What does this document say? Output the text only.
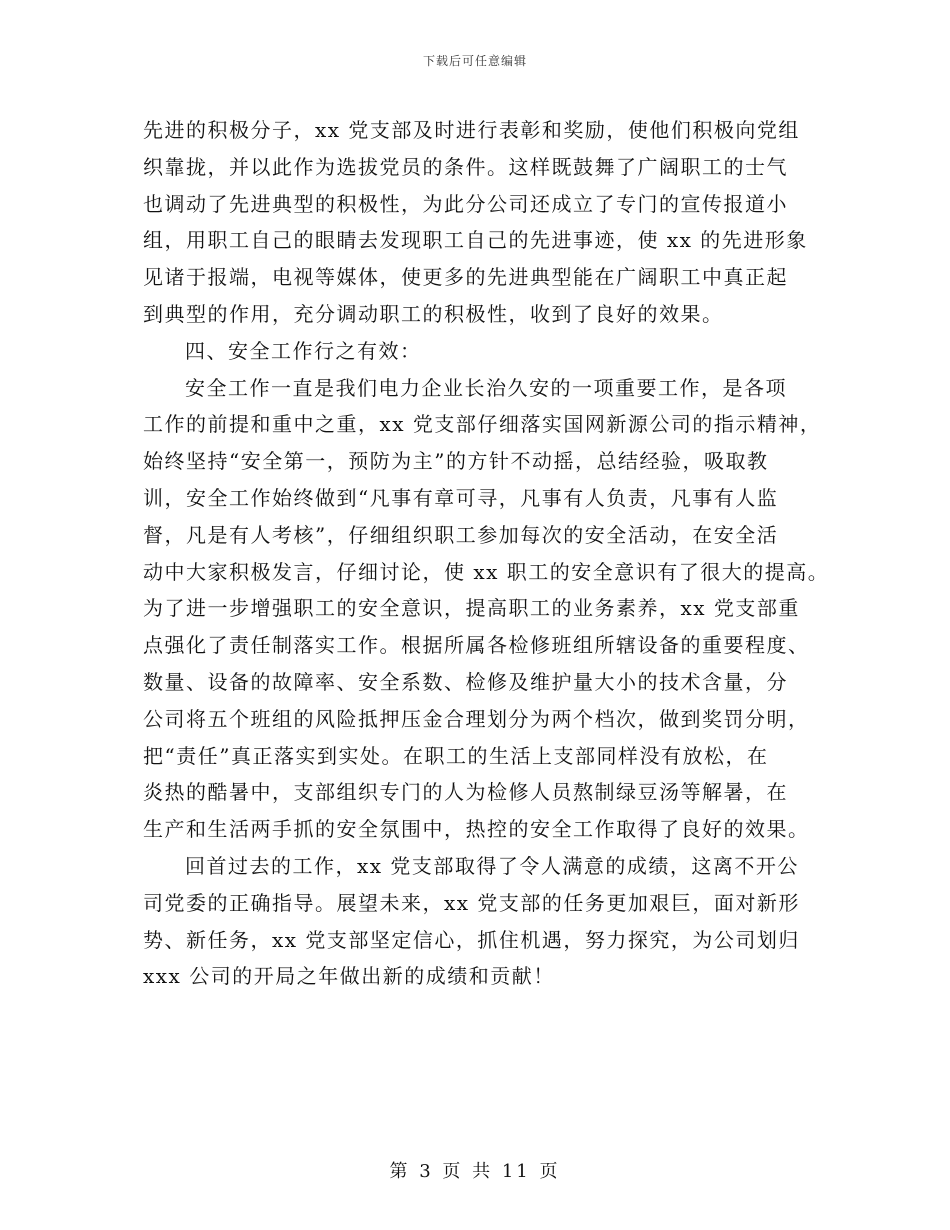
下载后可任意编辑
先进的积极分子，xx 党支部及时进行表彰和奖励，使他们积极向党组
织靠拢，并以此作为选拔党员的条件。这样既鼓舞了广阔职工的士气
也调动了先进典型的积极性，为此分公司还成立了专门的宣传报道小
组，用职工自己的眼睛去发现职工自己的先进事迹，使 xx 的先进形象
见诸于报端，电视等媒体，使更多的先进典型能在广阔职工中真正起
到典型的作用，充分调动职工的积极性，收到了良好的效果。
四、安全工作行之有效：
安全工作一直是我们电力企业长治久安的一项重要工作，是各项
工作的前提和重中之重，xx 党支部仔细落实国网新源公司的指示精神，
始终坚持“安全第一，预防为主”的方针不动摇，总结经验，吸取教
训，安全工作始终做到“凡事有章可寻，凡事有人负责，凡事有人监
督，凡是有人考核”，仔细组织职工参加每次的安全活动，在安全活
动中大家积极发言，仔细讨论，使 xx 职工的安全意识有了很大的提高。
为了进一步增强职工的安全意识，提高职工的业务素养，xx 党支部重
点强化了责任制落实工作。根据所属各检修班组所辖设备的重要程度、
数量、设备的故障率、安全系数、检修及维护量大小的技术含量，分
公司将五个班组的风险抵押压金合理划分为两个档次，做到奖罚分明，
把“责任”真正落实到实处。在职工的生活上支部同样没有放松，在
炎热的酷暑中，支部组织专门的人为检修人员熬制绿豆汤等解暑，在
生产和生活两手抓的安全氛围中，热控的安全工作取得了良好的效果。
回首过去的工作，xx 党支部取得了令人满意的成绩，这离不开公
司党委的正确指导。展望未来，xx 党支部的任务更加艰巨，面对新形
势、新任务，xx 党支部坚定信心，抓住机遇，努力探究，为公司划归
xxx 公司的开局之年做出新的成绩和贡献！
第 3 页 共 11 页
